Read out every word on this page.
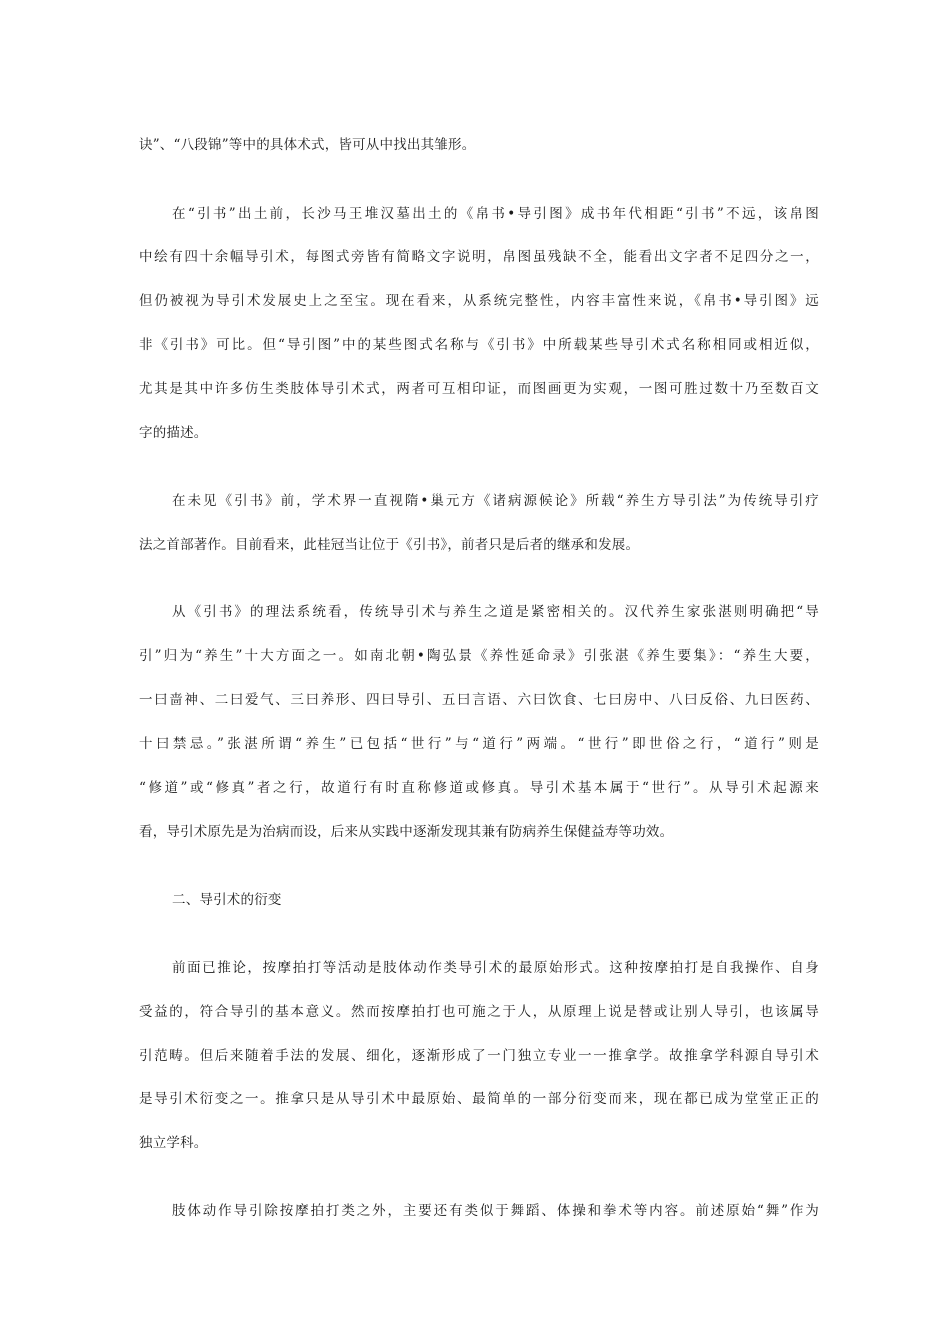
诀”、“八段锦”等中的具体术式，皆可从中找出其雏形。
在“引书”出土前，长沙马王堆汉墓出土的《帛书•导引图》成书年代相距“引书”不远，该帛图
中绘有四十余幅导引术，每图式旁皆有简略文字说明，帛图虽残缺不全，能看出文字者不足四分之一，
但仍被视为导引术发展史上之至宝。现在看来，从系统完整性，内容丰富性来说，《帛书•导引图》远
非《引书》可比。但“导引图”中的某些图式名称与《引书》中所载某些导引术式名称相同或相近似，
尤其是其中许多仿生类肢体导引术式，两者可互相印证，而图画更为实观，一图可胜过数十乃至数百文
字的描述。
在未见《引书》前，学术界一直视隋•巢元方《诸病源候论》所载“养生方导引法”为传统导引疗
法之首部著作。目前看来，此桂冠当让位于《引书》，前者只是后者的继承和发展。
从《引书》的理法系统看，传统导引术与养生之道是紧密相关的。汉代养生家张湛则明确把“导
引”归为“养生”十大方面之一。如南北朝•陶弘景《养性延命录》引张湛《养生要集》：“养生大要，
一曰啬神、二曰爱气、三曰养形、四曰导引、五曰言语、六曰饮食、七曰房中、八曰反俗、九曰医药、
十曰禁忌。”张湛所谓“养生”已包括“世行”与“道行”两端。“世行”即世俗之行，“道行”则是
“修道”或“修真”者之行，故道行有时直称修道或修真。导引术基本属于“世行”。从导引术起源来
看，导引术原先是为治病而设，后来从实践中逐渐发现其兼有防病养生保健益寿等功效。
二、导引术的衍变
前面已推论，按摩拍打等活动是肢体动作类导引术的最原始形式。这种按摩拍打是自我操作、自身
受益的，符合导引的基本意义。然而按摩拍打也可施之于人，从原理上说是替或让别人导引，也该属导
引范畴。但后来随着手法的发展、细化，逐渐形成了一门独立专业一一推拿学。故推拿学科源自导引术
是导引术衍变之一。推拿只是从导引术中最原始、最简单的一部分衍变而来，现在都已成为堂堂正正的
独立学科。
肢体动作导引除按摩拍打类之外，主要还有类似于舞蹈、体操和拳术等内容。前述原始“舞”作为
